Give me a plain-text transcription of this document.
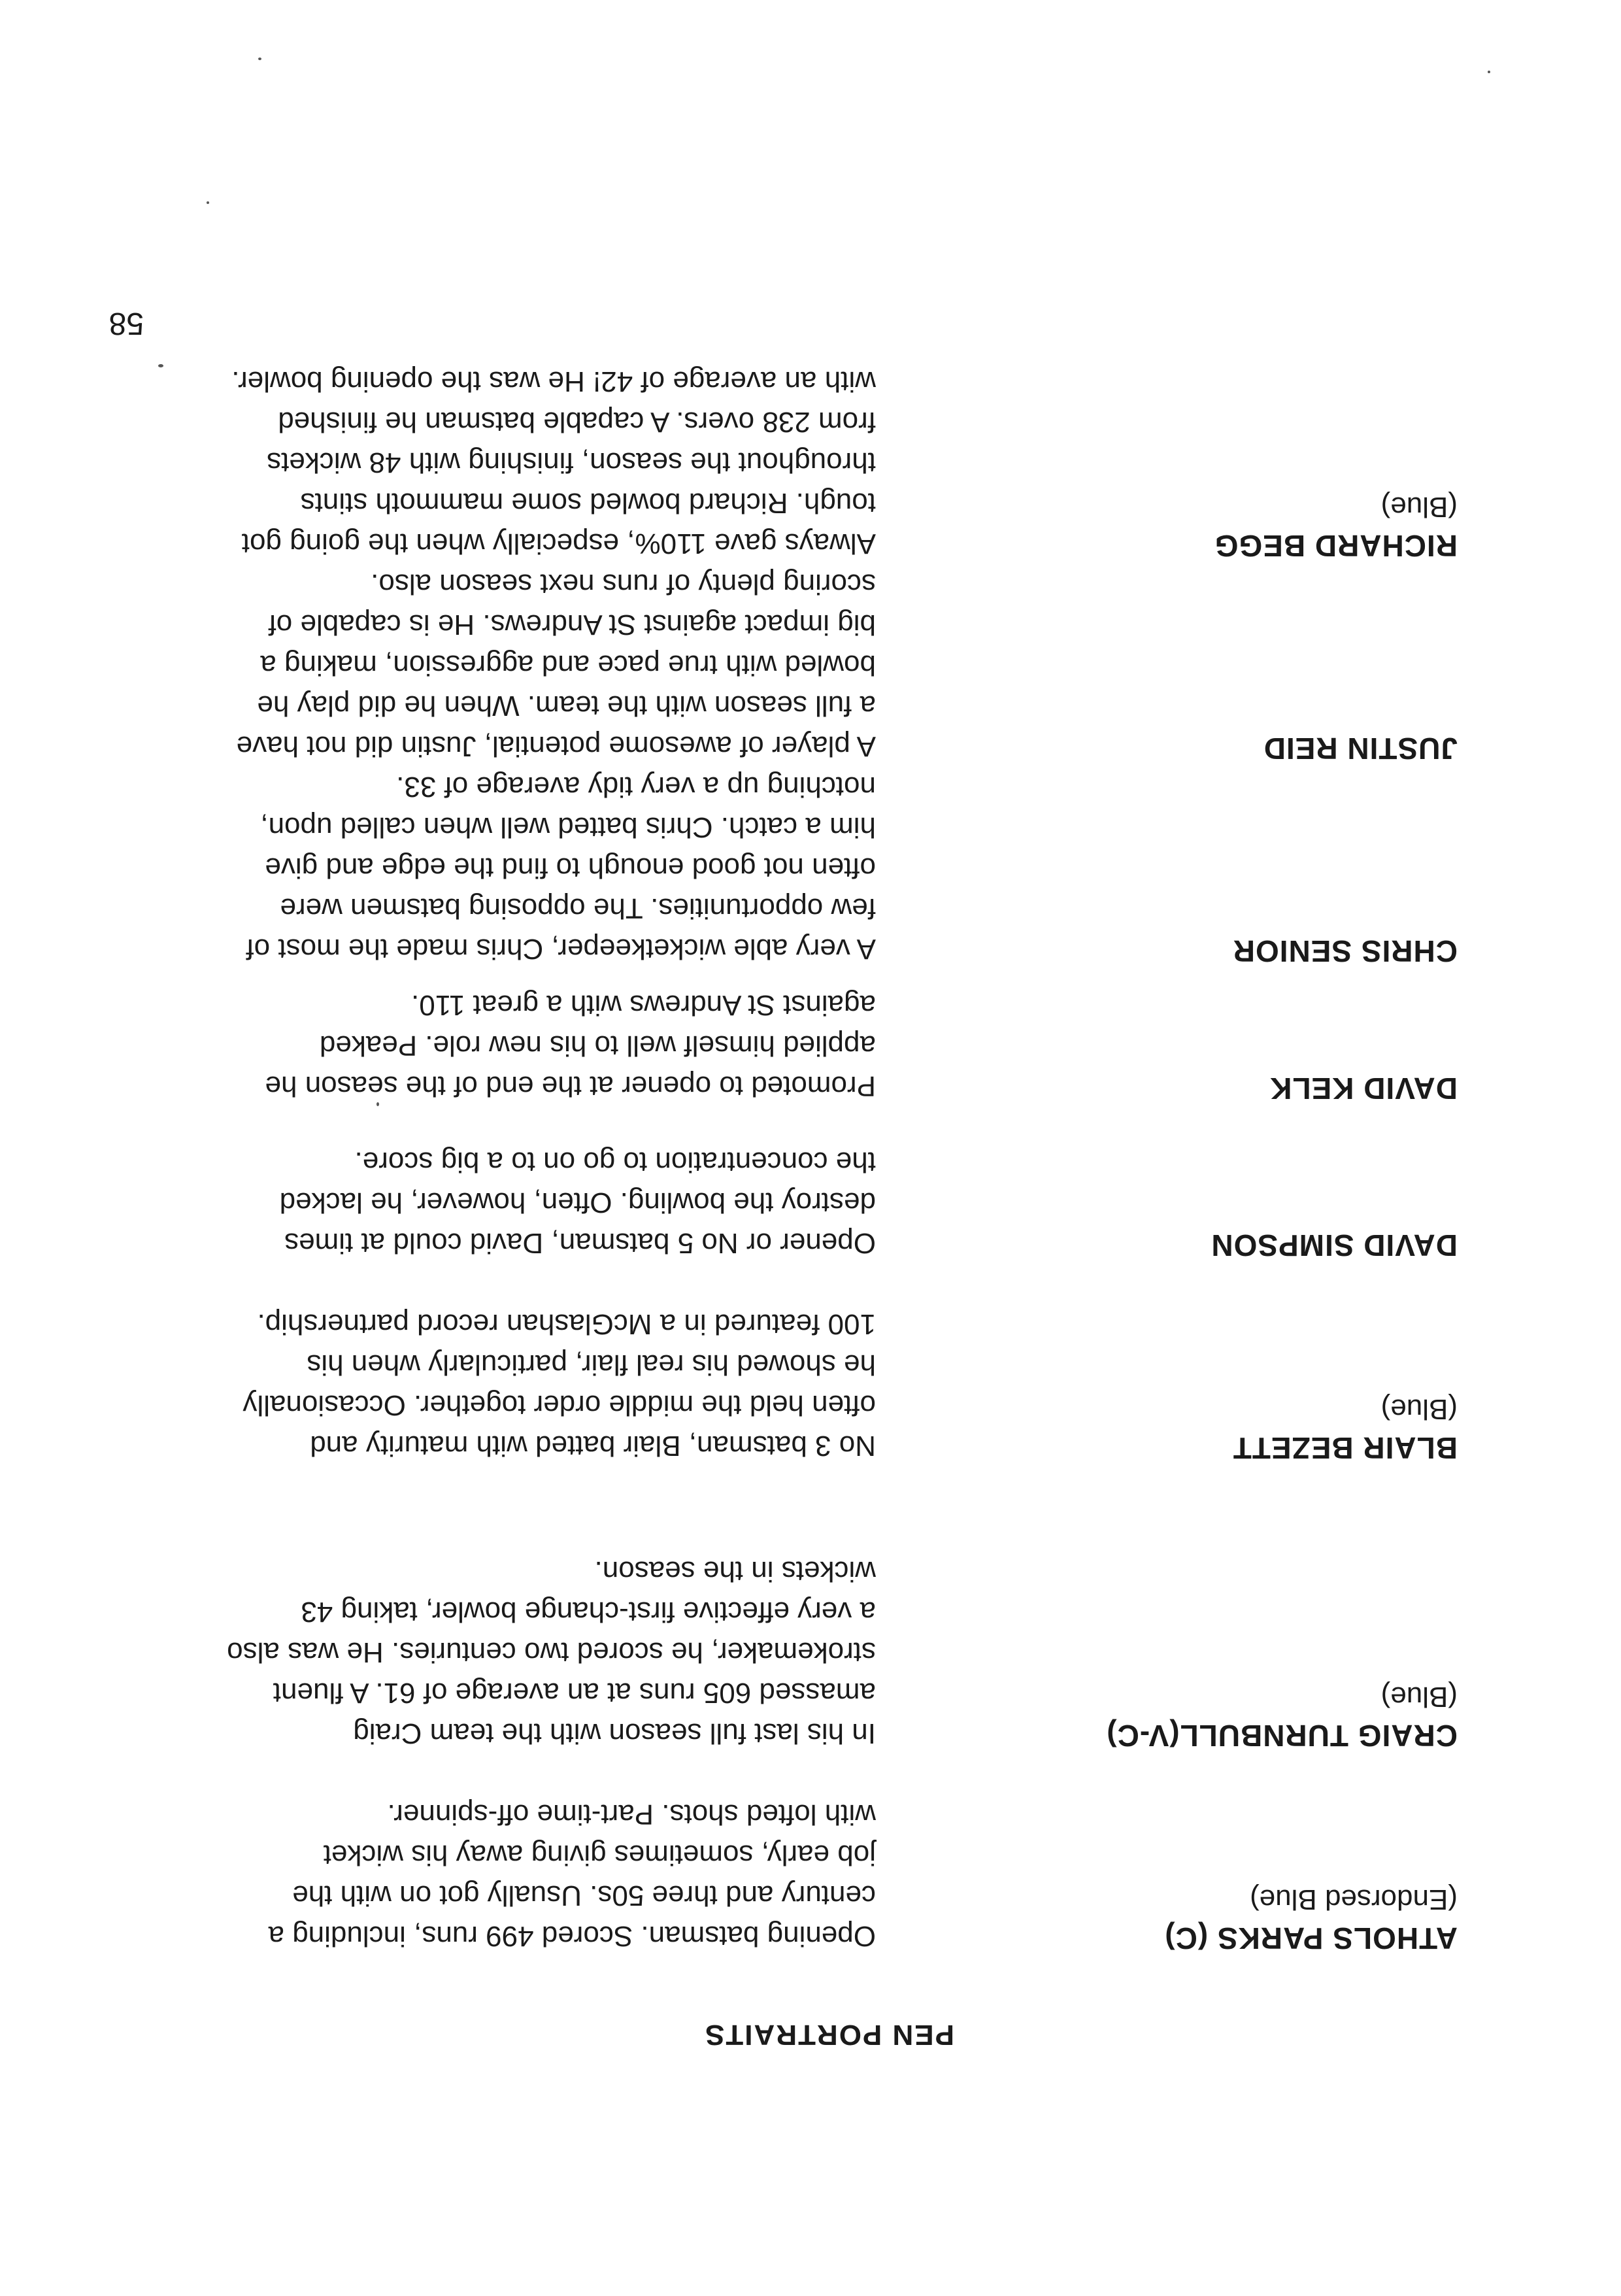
PEN PORTRAITS

ATHOLS PARKS (C)

(Endorsed Blue)

Opening batsman. Scored 499 runs, including a
century and three 50s. Usually got on with the
job early, sometimes giving away his wicket
with lofted shots. Part-time off-spinner.

CRAIG TURNBULL(V-C)

(Blue)

In his last full season with the team Craig
amassed 605 runs at an average of 61. A fluent
strokemaker, he scored two centuries. He was also
a very effective first-change bowler, taking 43
wickets in the season.

BLAIR BEZETT

(Blue)

No 3 batsman, Blair batted with maturity and
often held the middle order together. Occasionally
he showed his real flair, particularly when his
100 featured in a McGlashan record partnership.

DAVID SIMPSON

Opener or No 5 batsman, David could at times
destroy the bowling. Often, however, he lacked
the concentration to go on to a big score.

DAVID KELK

Promoted to opener at the end of the season he
applied himself well to his new role. Peaked
against St Andrews with a great 110.

CHRIS SENIOR

A very able wicketkeeper, Chris made the most of
few opportunities. The opposing batsmen were
often not good enough to find the edge and give
him a catch. Chris batted well when called upon,
notching up a very tidy average of 33.

JUSTIN REID

A player of awesome potential, Justin did not have
a full season with the team. When he did play he
bowled with true pace and aggression, making a
big impact against St Andrews. He is capable of
scoring plenty of runs next season also.

RICHARD BEGG

(Blue)

Always gave 110%, especially when the going got
tough. Richard bowled some mammoth stints
throughout the season, finishing with 48 wickets
from 238 overs. A capable batsman he finished
with an average of 42! He was the opening bowler.

58
